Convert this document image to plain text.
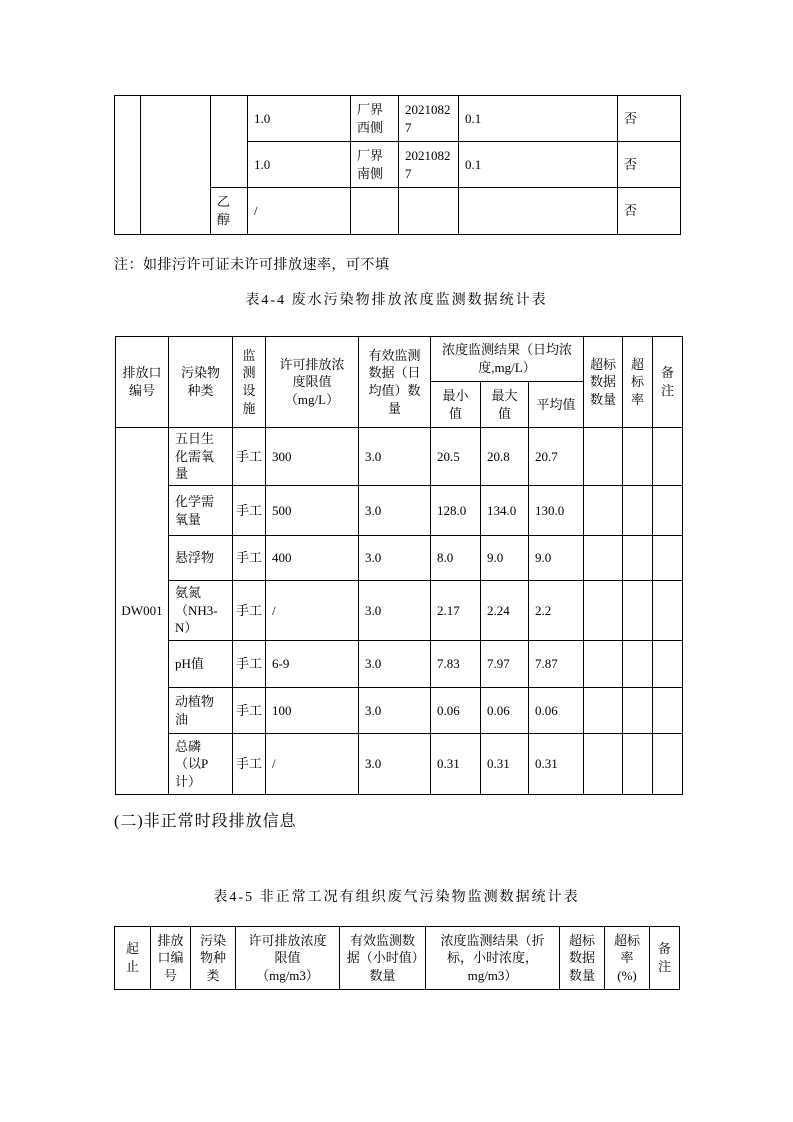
			1.0	厂界西侧	20210827	0.1	否
			1.0	厂界南侧	20210827	0.1	否
		乙醇	/				否
注：如排污许可证未许可排放速率，可不填
表4-4 废水污染物排放浓度监测数据统计表
排放口编号	污染物种类	监测设施	许可排放浓度限值（mg/L）	有效监测数据（日均值）数量	浓度监测结果（日均浓度,mg/L）			超标数据数量	超标率	备注
					最小值	最大值	平均值			
DW001	五日生化需氧量	手工	300	3.0	20.5	20.8	20.7			
	化学需氧量	手工	500	3.0	128.0	134.0	130.0			
	悬浮物	手工	400	3.0	8.0	9.0	9.0			
	氨氮（NH3-N）	手工	/	3.0	2.17	2.24	2.2			
	pH值	手工	6-9	3.0	7.83	7.97	7.87			
	动植物油	手工	100	3.0	0.06	0.06	0.06			
	总磷（以P计）	手工	/	3.0	0.31	0.31	0.31			
(二)非正常时段排放信息
表4-5 非正常工况有组织废气污染物监测数据统计表
起止	排放口编号	污染物种类	许可排放浓度限值（mg/m3）	有效监测数据（小时值）数量	浓度监测结果（折标，小时浓度，mg/m3）	超标数据数量	超标率(%)	备注
